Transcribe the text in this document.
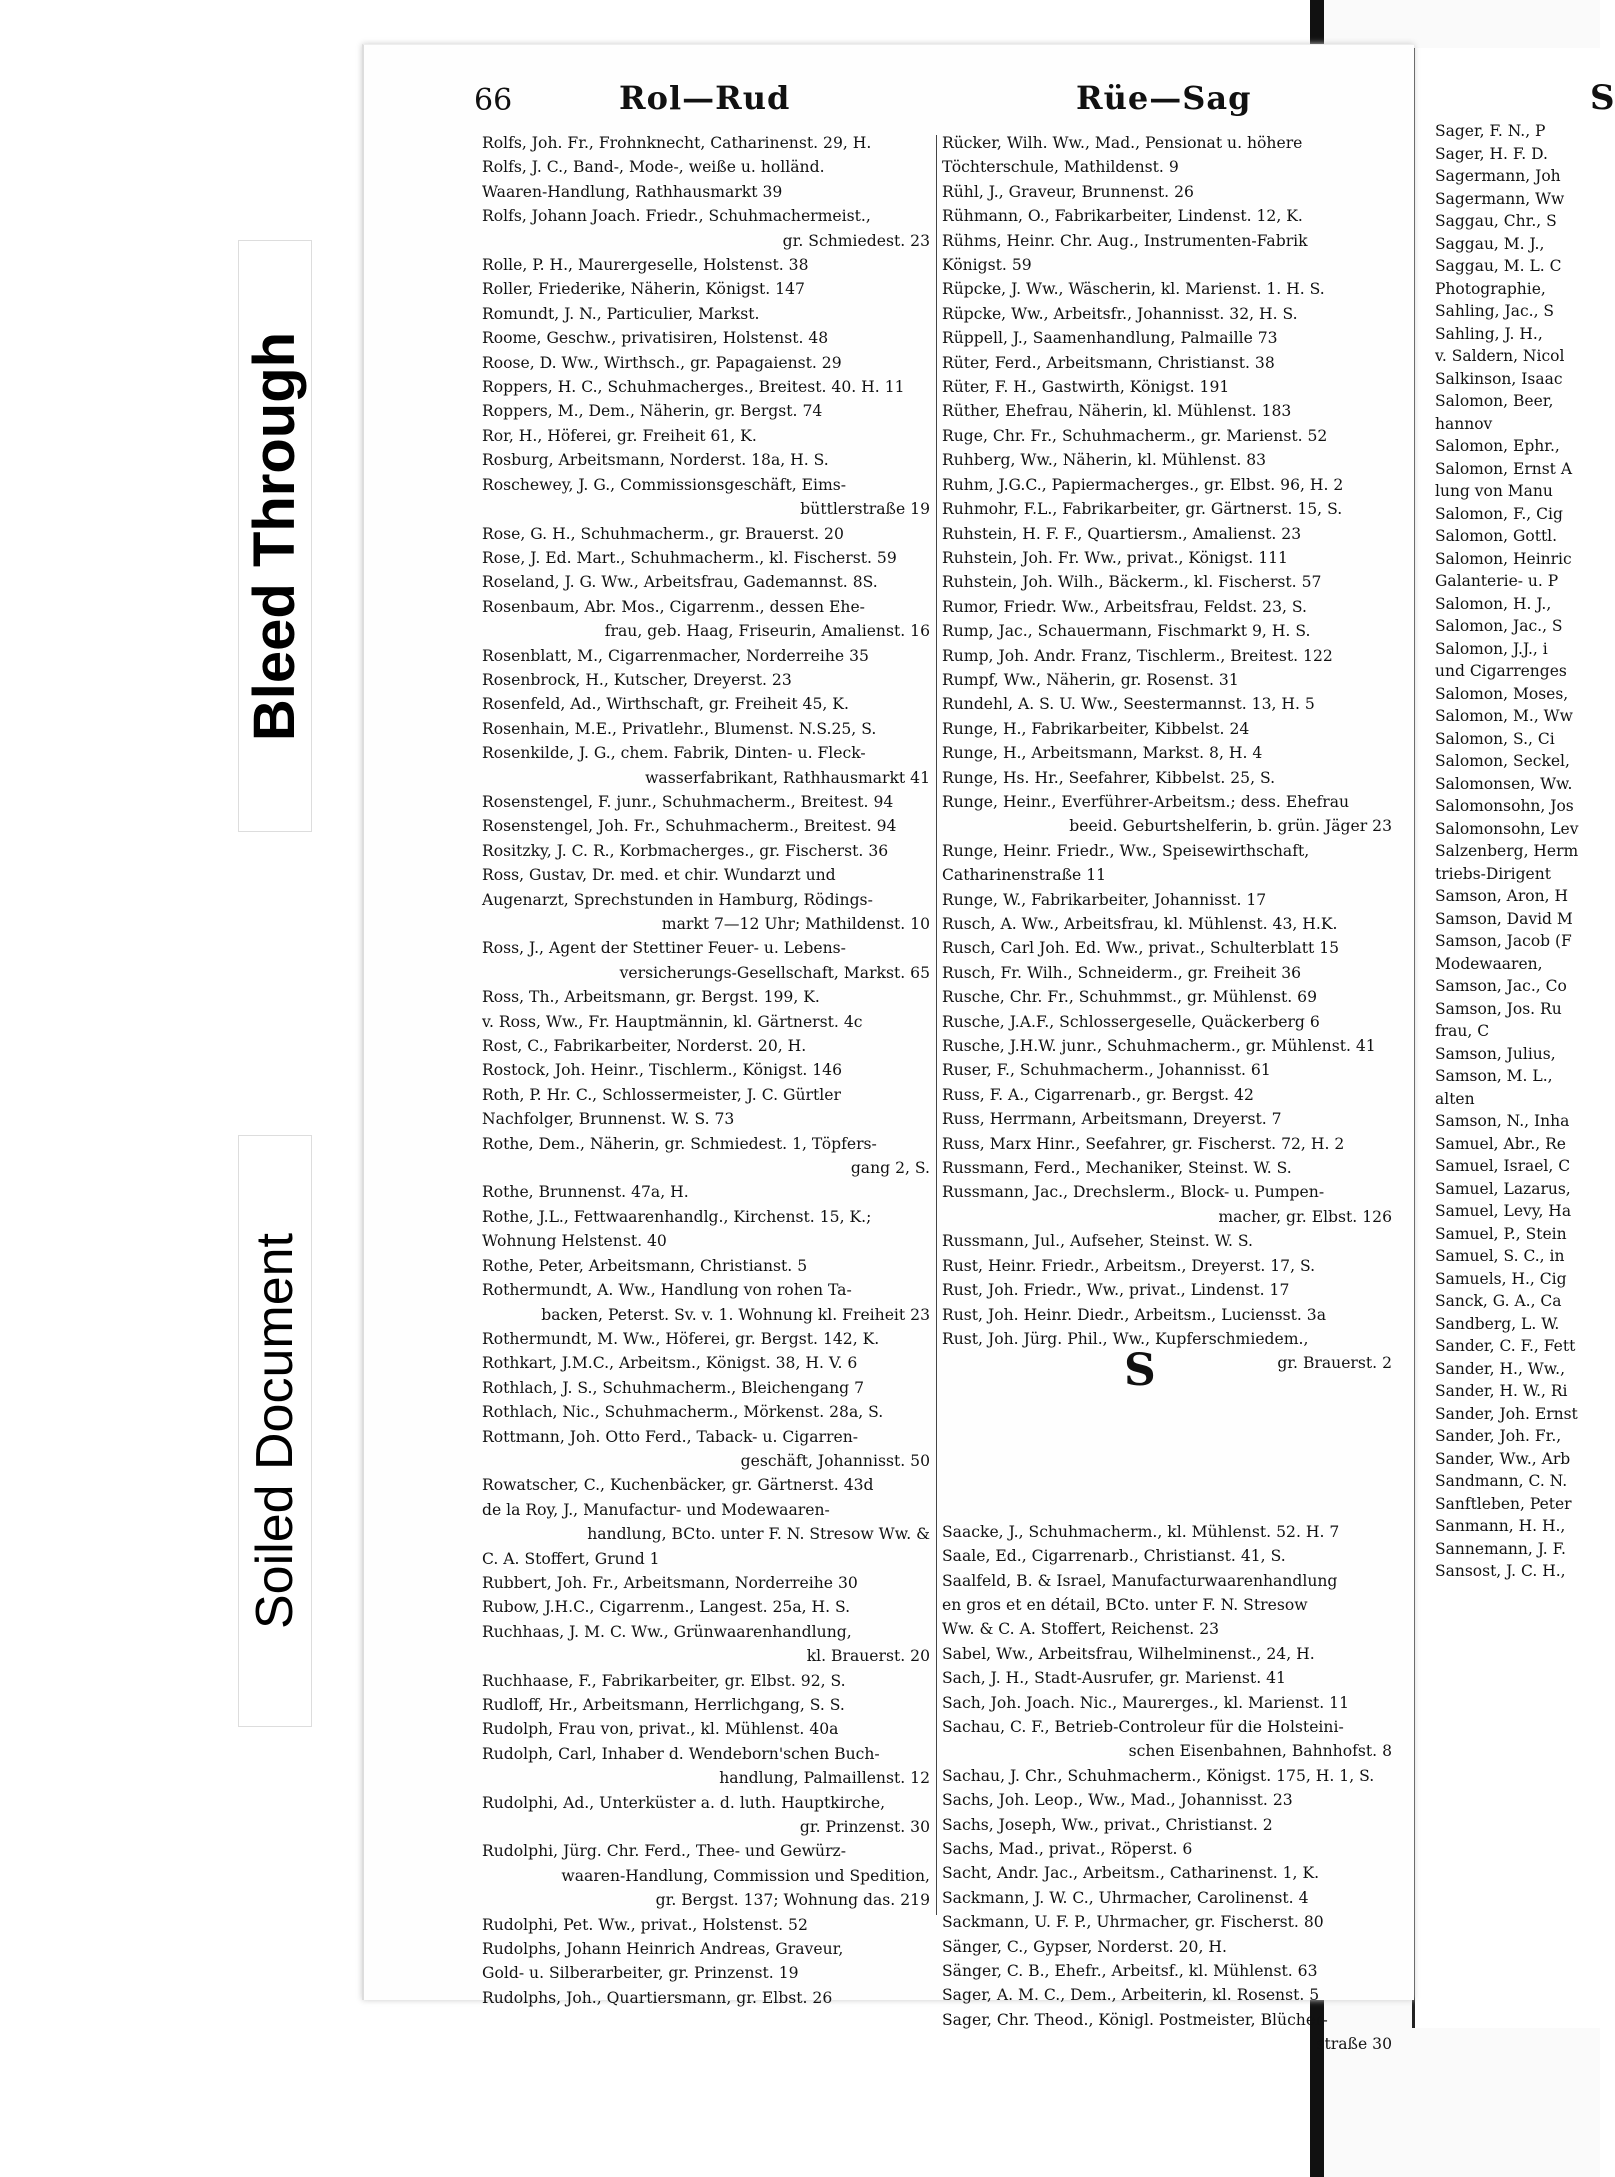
S
Sager, F. N., P
Sager, H. F. D.
Sagermann, Joh
Sagermann, Ww
Saggau, Chr., S
Saggau, M. J.,
Saggau, M. L. C
Photographie,
Sahling, Jac., S
Sahling, J. H.,
v. Saldern, Nicol
Salkinson, Isaac
Salomon, Beer,
hannov
Salomon, Ephr.,
Salomon, Ernst A
lung von Manu
Salomon, F., Cig
Salomon, Gottl.
Salomon, Heinric
Galanterie- u. P
Salomon, H. J.,
Salomon, Jac., S
Salomon, J.J., i
und Cigarrenges
Salomon, Moses,
Salomon, M., Ww
Salomon, S., Ci
Salomon, Seckel,
Salomonsen, Ww.
Salomonsohn, Jos
Salomonsohn, Lev
Salzenberg, Herm
triebs-Dirigent
Samson, Aron, H
Samson, David M
Samson, Jacob (F
Modewaaren,
Samson, Jac., Co
Samson, Jos. Ru
frau, C
Samson, Julius,
Samson, M. L.,
alten
Samson, N., Inha
Samuel, Abr., Re
Samuel, Israel, C
Samuel, Lazarus,
Samuel, Levy, Ha
Samuel, P., Stein
Samuel, S. C., in
Samuels, H., Cig
Sanck, G. A., Ca
Sandberg, L. W.
Sander, C. F., Fett
Sander, H., Ww.,
Sander, H. W., Ri
Sander, Joh. Ernst
Sander, Joh. Fr.,
Sander, Ww., Arb
Sandmann, C. N.
Sanftleben, Peter
Sanmann, H. H.,
Sannemann, J. F.
Sansost, J. C. H.,
Bleed Through
Soiled Document
66	Rol—Rud	Rüe—Sag
Rolfs, Joh. Fr., Frohnknecht, Catharinenst. 29, H.
Rolfs, J. C., Band-, Mode-, weiße u. holländ.
Waaren-Handlung, Rathhausmarkt 39
Rolfs, Johann Joach. Friedr., Schuhmachermeist.,
gr. Schmiedest. 23
Rolle, P. H., Maurergeselle, Holstenst. 38
Roller, Friederike, Näherin, Königst. 147
Romundt, J. N., Particulier, Markst.
Roome, Geschw., privatisiren, Holstenst. 48
Roose, D. Ww., Wirthsch., gr. Papagaienst. 29
Roppers, H. C., Schuhmacherges., Breitest. 40. H. 11
Roppers, M., Dem., Näherin, gr. Bergst. 74
Ror, H., Höferei, gr. Freiheit 61, K.
Rosburg, Arbeitsmann, Norderst. 18a, H. S.
Roschewey, J. G., Commissionsgeschäft, Eims-
büttlerstraße 19
Rose, G. H., Schuhmacherm., gr. Brauerst. 20
Rose, J. Ed. Mart., Schuhmacherm., kl. Fischerst. 59
Roseland, J. G. Ww., Arbeitsfrau, Gademannst. 8S.
Rosenbaum, Abr. Mos., Cigarrenm., dessen Ehe-
frau, geb. Haag, Friseurin, Amalienst. 16
Rosenblatt, M., Cigarrenmacher, Norderreihe 35
Rosenbrock, H., Kutscher, Dreyerst. 23
Rosenfeld, Ad., Wirthschaft, gr. Freiheit 45, K.
Rosenhain, M.E., Privatlehr., Blumenst. N.S.25, S.
Rosenkilde, J. G., chem. Fabrik, Dinten- u. Fleck-
wasserfabrikant, Rathhausmarkt 41
Rosenstengel, F. junr., Schuhmacherm., Breitest. 94
Rosenstengel, Joh. Fr., Schuhmacherm., Breitest. 94
Rositzky, J. C. R., Korbmacherges., gr. Fischerst. 36
Ross, Gustav, Dr. med. et chir. Wundarzt und
Augenarzt, Sprechstunden in Hamburg, Rödings-
markt 7—12 Uhr; Mathildenst. 10
Ross, J., Agent der Stettiner Feuer- u. Lebens-
versicherungs-Gesellschaft, Markst. 65
Ross, Th., Arbeitsmann, gr. Bergst. 199, K.
v. Ross, Ww., Fr. Hauptmännin, kl. Gärtnerst. 4c
Rost, C., Fabrikarbeiter, Norderst. 20, H.
Rostock, Joh. Heinr., Tischlerm., Königst. 146
Roth, P. Hr. C., Schlossermeister, J. C. Gürtler
Nachfolger, Brunnenst. W. S. 73
Rothe, Dem., Näherin, gr. Schmiedest. 1, Töpfers-
gang 2, S.
Rothe, Brunnenst. 47a, H.
Rothe, J.L., Fettwaarenhandlg., Kirchenst. 15, K.;
Wohnung Helstenst. 40
Rothe, Peter, Arbeitsmann, Christianst. 5
Rothermundt, A. Ww., Handlung von rohen Ta-
backen, Peterst. Sv. v. 1. Wohnung kl. Freiheit 23
Rothermundt, M. Ww., Höferei, gr. Bergst. 142, K.
Rothkart, J.M.C., Arbeitsm., Königst. 38, H. V. 6
Rothlach, J. S., Schuhmacherm., Bleichengang 7
Rothlach, Nic., Schuhmacherm., Mörkenst. 28a, S.
Rottmann, Joh. Otto Ferd., Taback- u. Cigarren-
geschäft, Johannisst. 50
Rowatscher, C., Kuchenbäcker, gr. Gärtnerst. 43d
de la Roy, J., Manufactur- und Modewaaren-
handlung, BCto. unter F. N. Stresow Ww. &
C. A. Stoffert, Grund 1
Rubbert, Joh. Fr., Arbeitsmann, Norderreihe 30
Rubow, J.H.C., Cigarrenm., Langest. 25a, H. S.
Ruchhaas, J. M. C. Ww., Grünwaarenhandlung,
kl. Brauerst. 20
Ruchhaase, F., Fabrikarbeiter, gr. Elbst. 92, S.
Rudloff, Hr., Arbeitsmann, Herrlichgang, S. S.
Rudolph, Frau von, privat., kl. Mühlenst. 40a
Rudolph, Carl, Inhaber d. Wendeborn'schen Buch-
handlung, Palmaillenst. 12
Rudolphi, Ad., Unterküster a. d. luth. Hauptkirche,
gr. Prinzenst. 30
Rudolphi, Jürg. Chr. Ferd., Thee- und Gewürz-
waaren-Handlung, Commission und Spedition,
gr. Bergst. 137; Wohnung das. 219
Rudolphi, Pet. Ww., privat., Holstenst. 52
Rudolphs, Johann Heinrich Andreas, Graveur,
Gold- u. Silberarbeiter, gr. Prinzenst. 19
Rudolphs, Joh., Quartiersmann, gr. Elbst. 26
Rücker, Wilh. Ww., Mad., Pensionat u. höhere
Töchterschule, Mathildenst. 9
Rühl, J., Graveur, Brunnenst. 26
Rühmann, O., Fabrikarbeiter, Lindenst. 12, K.
Rühms, Heinr. Chr. Aug., Instrumenten-Fabrik
Königst. 59
Rüpcke, J. Ww., Wäscherin, kl. Marienst. 1. H. S.
Rüpcke, Ww., Arbeitsfr., Johannisst. 32, H. S.
Rüppell, J., Saamenhandlung, Palmaille 73
Rüter, Ferd., Arbeitsmann, Christianst. 38
Rüter, F. H., Gastwirth, Königst. 191
Rüther, Ehefrau, Näherin, kl. Mühlenst. 183
Ruge, Chr. Fr., Schuhmacherm., gr. Marienst. 52
Ruhberg, Ww., Näherin, kl. Mühlenst. 83
Ruhm, J.G.C., Papiermacherges., gr. Elbst. 96, H. 2
Ruhmohr, F.L., Fabrikarbeiter, gr. Gärtnerst. 15, S.
Ruhstein, H. F. F., Quartiersm., Amalienst. 23
Ruhstein, Joh. Fr. Ww., privat., Königst. 111
Ruhstein, Joh. Wilh., Bäckerm., kl. Fischerst. 57
Rumor, Friedr. Ww., Arbeitsfrau, Feldst. 23, S.
Rump, Jac., Schauermann, Fischmarkt 9, H. S.
Rump, Joh. Andr. Franz, Tischlerm., Breitest. 122
Rumpf, Ww., Näherin, gr. Rosenst. 31
Rundehl, A. S. U. Ww., Seestermannst. 13, H. 5
Runge, H., Fabrikarbeiter, Kibbelst. 24
Runge, H., Arbeitsmann, Markst. 8, H. 4
Runge, Hs. Hr., Seefahrer, Kibbelst. 25, S.
Runge, Heinr., Everführer-Arbeitsm.; dess. Ehefrau
beeid. Geburtshelferin, b. grün. Jäger 23
Runge, Heinr. Friedr., Ww., Speisewirthschaft,
Catharinenstraße 11
Runge, W., Fabrikarbeiter, Johannisst. 17
Rusch, A. Ww., Arbeitsfrau, kl. Mühlenst. 43, H.K.
Rusch, Carl Joh. Ed. Ww., privat., Schulterblatt 15
Rusch, Fr. Wilh., Schneiderm., gr. Freiheit 36
Rusche, Chr. Fr., Schuhmmst., gr. Mühlenst. 69
Rusche, J.A.F., Schlossergeselle, Quäckerberg 6
Rusche, J.H.W. junr., Schuhmacherm., gr. Mühlenst. 41
Ruser, F., Schuhmacherm., Johannisst. 61
Russ, F. A., Cigarrenarb., gr. Bergst. 42
Russ, Herrmann, Arbeitsmann, Dreyerst. 7
Russ, Marx Hinr., Seefahrer, gr. Fischerst. 72, H. 2
Russmann, Ferd., Mechaniker, Steinst. W. S.
Russmann, Jac., Drechslerm., Block- u. Pumpen-
macher, gr. Elbst. 126
Russmann, Jul., Aufseher, Steinst. W. S.
Rust, Heinr. Friedr., Arbeitsm., Dreyerst. 17, S.
Rust, Joh. Friedr., Ww., privat., Lindenst. 17
Rust, Joh. Heinr. Diedr., Arbeitsm., Luciensst. 3a
Rust, Joh. Jürg. Phil., Ww., Kupferschmiedem.,
gr. Brauerst. 2
Saacke, J., Schuhmacherm., kl. Mühlenst. 52. H. 7
Saale, Ed., Cigarrenarb., Christianst. 41, S.
Saalfeld, B. & Israel, Manufacturwaarenhandlung
en gros et en détail, BCto. unter F. N. Stresow
Ww. & C. A. Stoffert, Reichenst. 23
Sabel, Ww., Arbeitsfrau, Wilhelminenst., 24, H.
Sach, J. H., Stadt-Ausrufer, gr. Marienst. 41
Sach, Joh. Joach. Nic., Maurerges., kl. Marienst. 11
Sachau, C. F., Betrieb-Controleur für die Holsteini-
schen Eisenbahnen, Bahnhofst. 8
Sachau, J. Chr., Schuhmacherm., Königst. 175, H. 1, S.
Sachs, Joh. Leop., Ww., Mad., Johannisst. 23
Sachs, Joseph, Ww., privat., Christianst. 2
Sachs, Mad., privat., Röperst. 6
Sacht, Andr. Jac., Arbeitsm., Catharinenst. 1, K.
Sackmann, J. W. C., Uhrmacher, Carolinenst. 4
Sackmann, U. F. P., Uhrmacher, gr. Fischerst. 80
Sänger, C., Gypser, Norderst. 20, H.
Sänger, C. B., Ehefr., Arbeitsf., kl. Mühlenst. 63
Sager, A. M. C., Dem., Arbeiterin, kl. Rosenst. 5
Sager, Chr. Theod., Königl. Postmeister, Blücher-
straße 30
S
